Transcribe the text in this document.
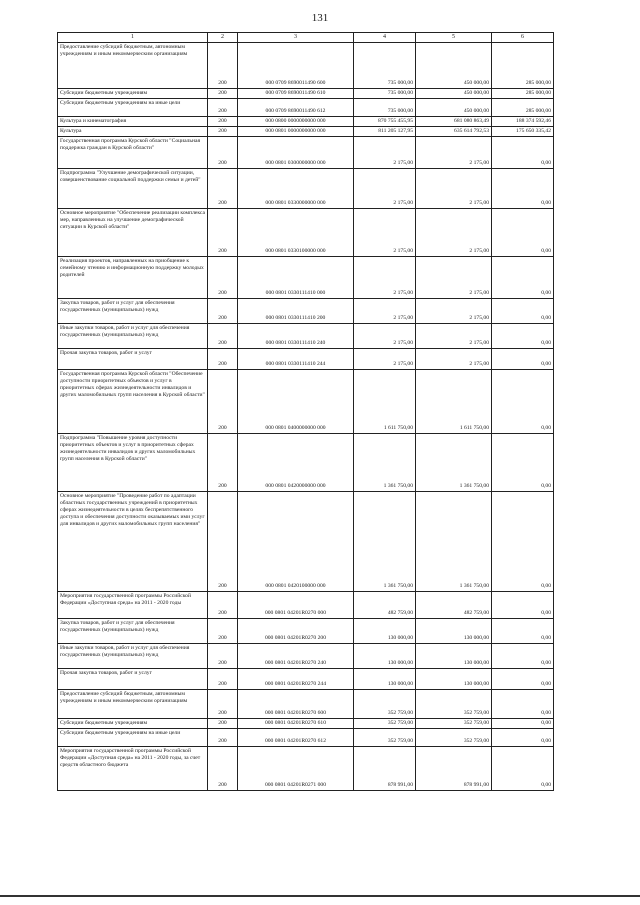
131
1	2	3	4	5	6
Предоставление субсидий бюджетным, автономным учреждениям и иным некоммерческим организациям	200	000 0709 8690011490 600	735 000,00	450 000,00	285 000,00
Субсидии бюджетным учреждениям	200	000 0709 8690011490 610	735 000,00	450 000,00	285 000,00
Субсидии бюджетным учреждениям на иные цели	200	000 0709 8690011490 612	735 000,00	450 000,00	285 000,00
Культура и кинематография	200	000 0800 0000000000 000	870 755 455,95	681 080 863,49	188 374 592,46
Культура	200	000 0801 0000000000 000	811 205 127,95	635 614 792,53	175 650 335,42
Государственная программа Курской области "Социальная поддержка граждан в Курской области"	200	000 0801 0300000000 000	2 175,00	2 175,00	0,00
Подпрограмма "Улучшение демографической ситуации, совершенствование социальной поддержки семьи и детей"	200	000 0801 0330000000 000	2 175,00	2 175,00	0,00
Основное мероприятие "Обеспечение реализации комплекса мер, направленных на улучшение демографической ситуации в Курской области"	200	000 0801 0330100000 000	2 175,00	2 175,00	0,00
Реализация проектов, направленных на приобщение к семейному чтению и информационную поддержку молодых родителей	200	000 0801 0330111410 000	2 175,00	2 175,00	0,00
Закупка товаров, работ и услуг для обеспечения государственных (муниципальных) нужд	200	000 0801 0330111410 200	2 175,00	2 175,00	0,00
Иные закупки товаров, работ и услуг для обеспечения государственных (муниципальных) нужд	200	000 0801 0330111410 240	2 175,00	2 175,00	0,00
Прочая закупка товаров, работ и услуг	200	000 0801 0330111410 244	2 175,00	2 175,00	0,00
Государственная программа Курской области "Обеспечение доступности приоритетных объектов и услуг в приоритетных сферах жизнедеятельности инвалидов и других маломобильных групп населения в Курской области"	200	000 0801 0400000000 000	1 611 750,00	1 611 750,00	0,00
Подпрограмма "Повышение уровня доступности приоритетных объектов и услуг в приоритетных сферах жизнедеятельности инвалидов и других маломобильных групп населения в Курской области"	200	000 0801 0420000000 000	1 361 750,00	1 361 750,00	0,00
Основное мероприятие "Проведение работ по адаптации областных государственных учреждений в приоритетных сферах жизнедеятельности в целях беспрепятственного доступа и обеспечения доступности оказываемых ими услуг для инвалидов и других маломобильных групп населения"	200	000 0801 0420100000 000	1 361 750,00	1 361 750,00	0,00
Мероприятия государственной программы Российской Федерации «Доступная среда» на 2011 - 2020 годы	200	000 0801 04201R0270 000	482 759,00	482 759,00	0,00
Закупка товаров, работ и услуг для обеспечения государственных (муниципальных) нужд	200	000 0801 04201R0270 200	130 000,00	130 000,00	0,00
Иные закупки товаров, работ и услуг для обеспечения государственных (муниципальных) нужд	200	000 0801 04201R0270 240	130 000,00	130 000,00	0,00
Прочая закупка товаров, работ и услуг	200	000 0801 04201R0270 244	130 000,00	130 000,00	0,00
Предоставление субсидий бюджетным, автономным учреждениям и иным некоммерческим организациям	200	000 0801 04201R0270 600	352 759,00	352 759,00	0,00
Субсидии бюджетным учреждениям	200	000 0801 04201R0270 610	352 759,00	352 759,00	0,00
Субсидии бюджетным учреждениям на иные цели	200	000 0801 04201R0270 612	352 759,00	352 759,00	0,00
Мероприятия государственной программы Российской Федерации «Доступная среда» на 2011 - 2020 годы, за счет средств областного бюджета	200	000 0801 04201R0271 000	878 991,00	878 991,00	0,00
